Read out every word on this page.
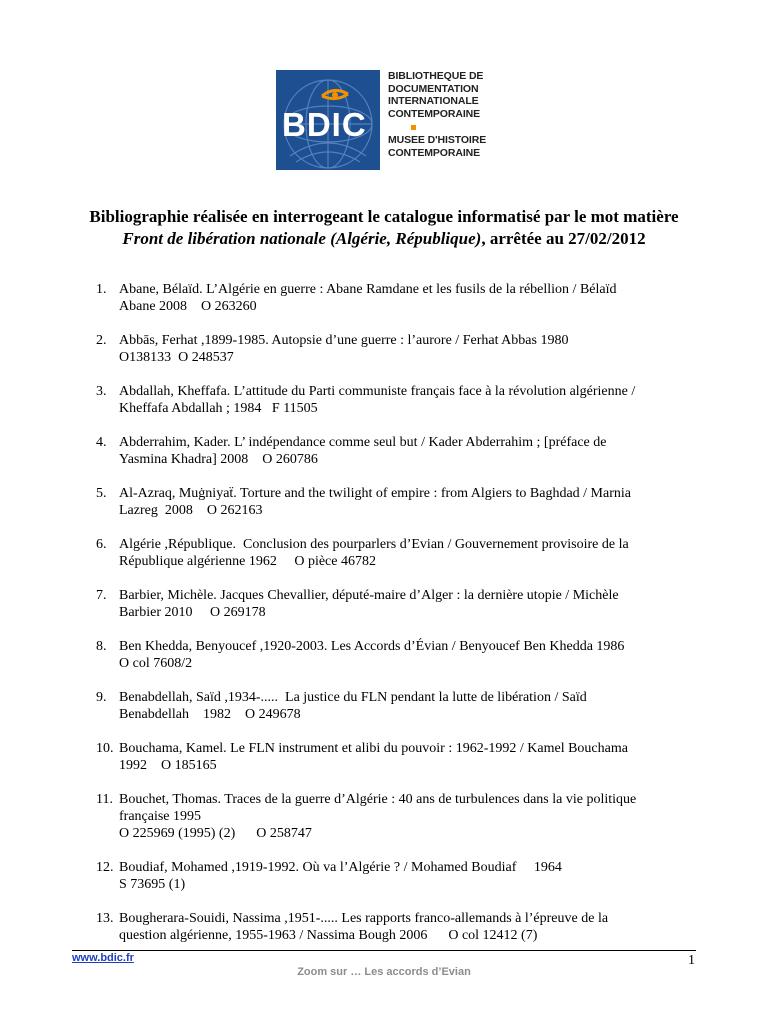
BDIC
BIBLIOTHEQUE DE
DOCUMENTATION
INTERNATIONALE
CONTEMPORAINE
MUSEE D'HISTOIRE
CONTEMPORAINE
Bibliographie réalisée en interrogeant le catalogue informatisé par le mot matière Front de libération nationale (Algérie, République), arrêtée au 27/02/2012
1. Abane, Bélaïd. L’Algérie en guerre : Abane Ramdane et les fusils de la rébellion / Bélaïd
Abane 2008    O 263260
2. Abbās, Ferhat ,1899-1985. Autopsie d’une guerre : l’aurore / Ferhat Abbas 1980
O138133  O 248537
3. Abdallah, Kheffafa. L’attitude du Parti communiste français face à la révolution algérienne /
Kheffafa Abdallah ; 1984   F 11505
4. Abderrahim, Kader. L’ indépendance comme seul but / Kader Abderrahim ; [préface de
Yasmina Khadra] 2008    O 260786
5. Al-Azraq, Muġniyaẗ. Torture and the twilight of empire : from Algiers to Baghdad / Marnia
Lazreg  2008    O 262163
6. Algérie ,République.  Conclusion des pourparlers d’Evian / Gouvernement provisoire de la
République algérienne 1962     O pièce 46782
7. Barbier, Michèle. Jacques Chevallier, député-maire d’Alger : la dernière utopie / Michèle
Barbier 2010     O 269178
8. Ben Khedda, Benyoucef ,1920-2003. Les Accords d’Évian / Benyoucef Ben Khedda 1986
O col 7608/2
9. Benabdellah, Saïd ,1934-.....  La justice du FLN pendant la lutte de libération / Saïd
Benabdellah    1982    O 249678
10. Bouchama, Kamel. Le FLN instrument et alibi du pouvoir : 1962-1992 / Kamel Bouchama
1992    O 185165
11. Bouchet, Thomas. Traces de la guerre d’Algérie : 40 ans de turbulences dans la vie politique
française 1995
O 225969 (1995) (2)      O 258747
12. Boudiaf, Mohamed ,1919-1992. Où va l’Algérie ? / Mohamed Boudiaf     1964
S 73695 (1)
13. Bougherara-Souidi, Nassima ,1951-..... Les rapports franco-allemands à l’épreuve de la
question algérienne, 1955-1963 / Nassima Bough 2006      O col 12412 (7)
www.bdic.fr	1
Zoom sur … Les accords d’Evian
